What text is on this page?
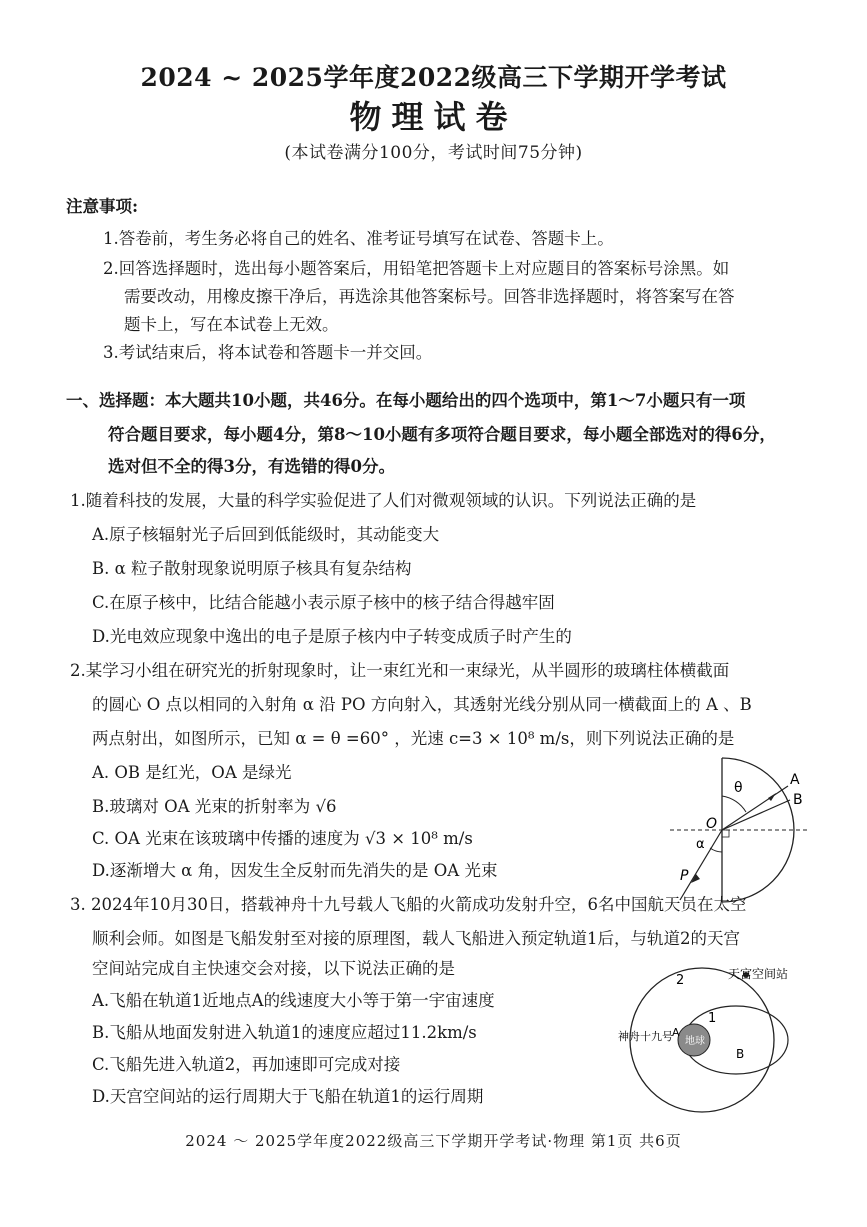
2024 ~ 2025学年度2022级高三下学期开学考试
物理试卷
(本试卷满分100分，考试时间75分钟)
注意事项:
1.答卷前，考生务必将自己的姓名、准考证号填写在试卷、答题卡上。
2.回答选择题时，选出每小题答案后，用铅笔把答题卡上对应题目的答案标号涂黑。如
需要改动，用橡皮擦干净后，再选涂其他答案标号。回答非选择题时，将答案写在答
题卡上，写在本试卷上无效。
3.考试结束后，将本试卷和答题卡一并交回。
一、选择题：本大题共10小题，共46分。在每小题给出的四个选项中，第1～7小题只有一项
符合题目要求，每小题4分，第8～10小题有多项符合题目要求，每小题全部选对的得6分，
选对但不全的得3分，有选错的得0分。
1.随着科技的发展，大量的科学实验促进了人们对微观领域的认识。下列说法正确的是
A.原子核辐射光子后回到低能级时，其动能变大
B. α 粒子散射现象说明原子核具有复杂结构
C.在原子核中，比结合能越小表示原子核中的核子结合得越牢固
D.光电效应现象中逸出的电子是原子核内中子转变成质子时产生的
2.某学习小组在研究光的折射现象时，让一束红光和一束绿光，从半圆形的玻璃柱体横截面
的圆心 O 点以相同的入射角 α 沿 PO 方向射入，其透射光线分别从同一横截面上的 A 、B
两点射出，如图所示，已知 α = θ =60° ，光速 c=3 × 10⁸ m/s，则下列说法正确的是
A. OB 是红光，OA 是绿光
B.玻璃对 OA 光束的折射率为 √6
C. OA 光束在该玻璃中传播的速度为 √3 × 10⁸ m/s
D.逐渐增大 α 角，因发生全反射而先消失的是 OA 光束
θ	A
B
O
α
P
3. 2024年10月30日，搭载神舟十九号载人飞船的火箭成功发射升空，6名中国航天员在太空
顺利会师。如图是飞船发射至对接的原理图，载人飞船进入预定轨道1后，与轨道2的天宫
空间站完成自主快速交会对接，以下说法正确的是
A.飞船在轨道1近地点A的线速度大小等于第一宇宙速度
B.飞船从地面发射进入轨道1的速度应超过11.2km/s
C.飞船先进入轨道2，再加速即可完成对接
D.天宫空间站的运行周期大于飞船在轨道1的运行周期
天宫空间站
2
1
地球
神舟十九号 A
B
2024 ～ 2025学年度2022级高三下学期开学考试·物理 第1页 共6页
